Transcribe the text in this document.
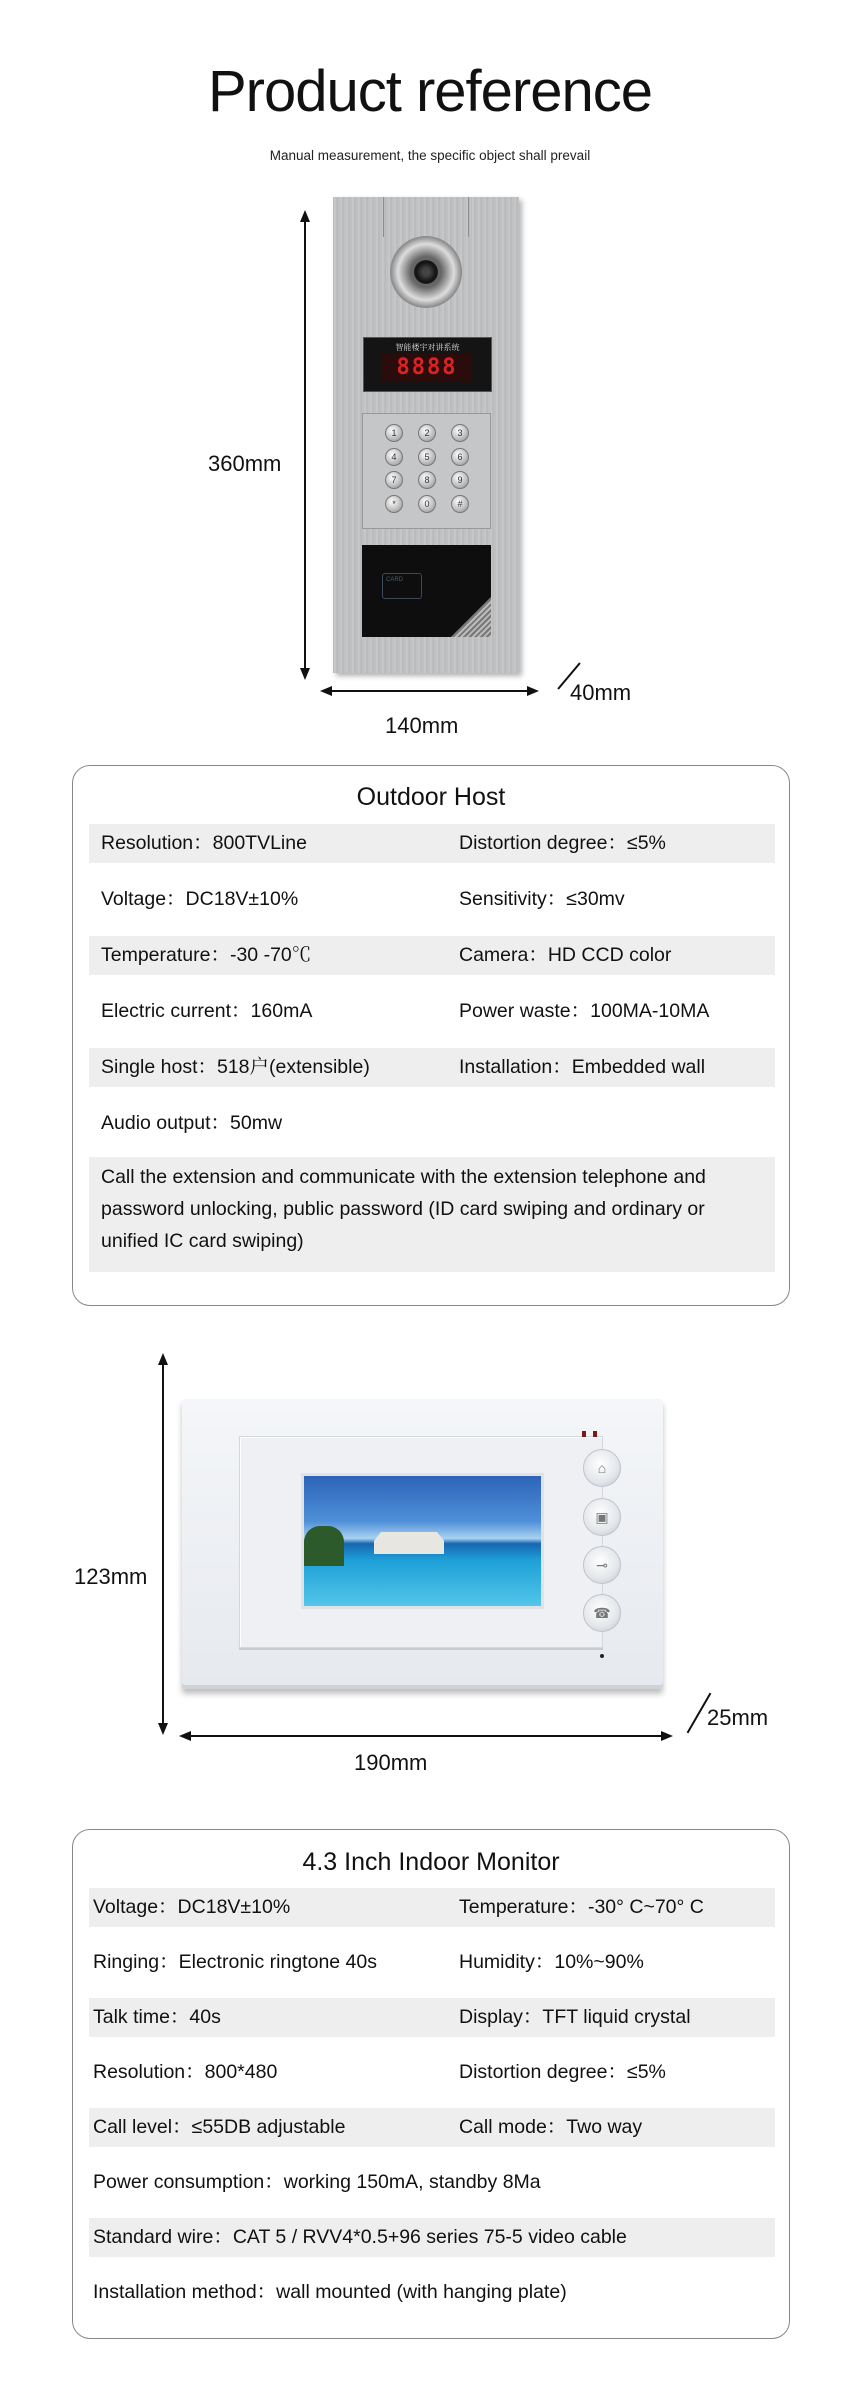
Product reference
Manual measurement, the specific object shall prevail
360mm
140mm
40mm
智能楼宇对讲系统
8888
1	2	3
4	5	6
7	8	9
*	0	#
CARD
Outdoor Host
Resolution：800TVLine	Distortion degree：≤5%
Voltage：DC18V±10%	Sensitivity：≤30mv
Temperature：-30 -70℃	Camera：HD CCD color
Electric current：160mA	Power waste：100MA-10MA
Single host：518户(extensible)	Installation：Embedded wall
Audio output：50mw
Call the extension and communicate with the extension telephone and password unlocking, public password (ID card swiping and ordinary or unified IC card swiping)
123mm
190mm
25mm
⌂
▣
⊸
☎
4.3 Inch Indoor Monitor
Voltage：DC18V±10%	Temperature：-30° C~70° C
Ringing：Electronic ringtone 40s	Humidity：10%~90%
Talk time：40s	Display：TFT liquid crystal
Resolution：800*480	Distortion degree：≤5%
Call level：≤55DB adjustable	Call mode：Two way
Power consumption：working 150mA, standby 8Ma
Standard wire：CAT 5 / RVV4*0.5+96 series 75-5 video cable
Installation method：wall mounted (with hanging plate)
